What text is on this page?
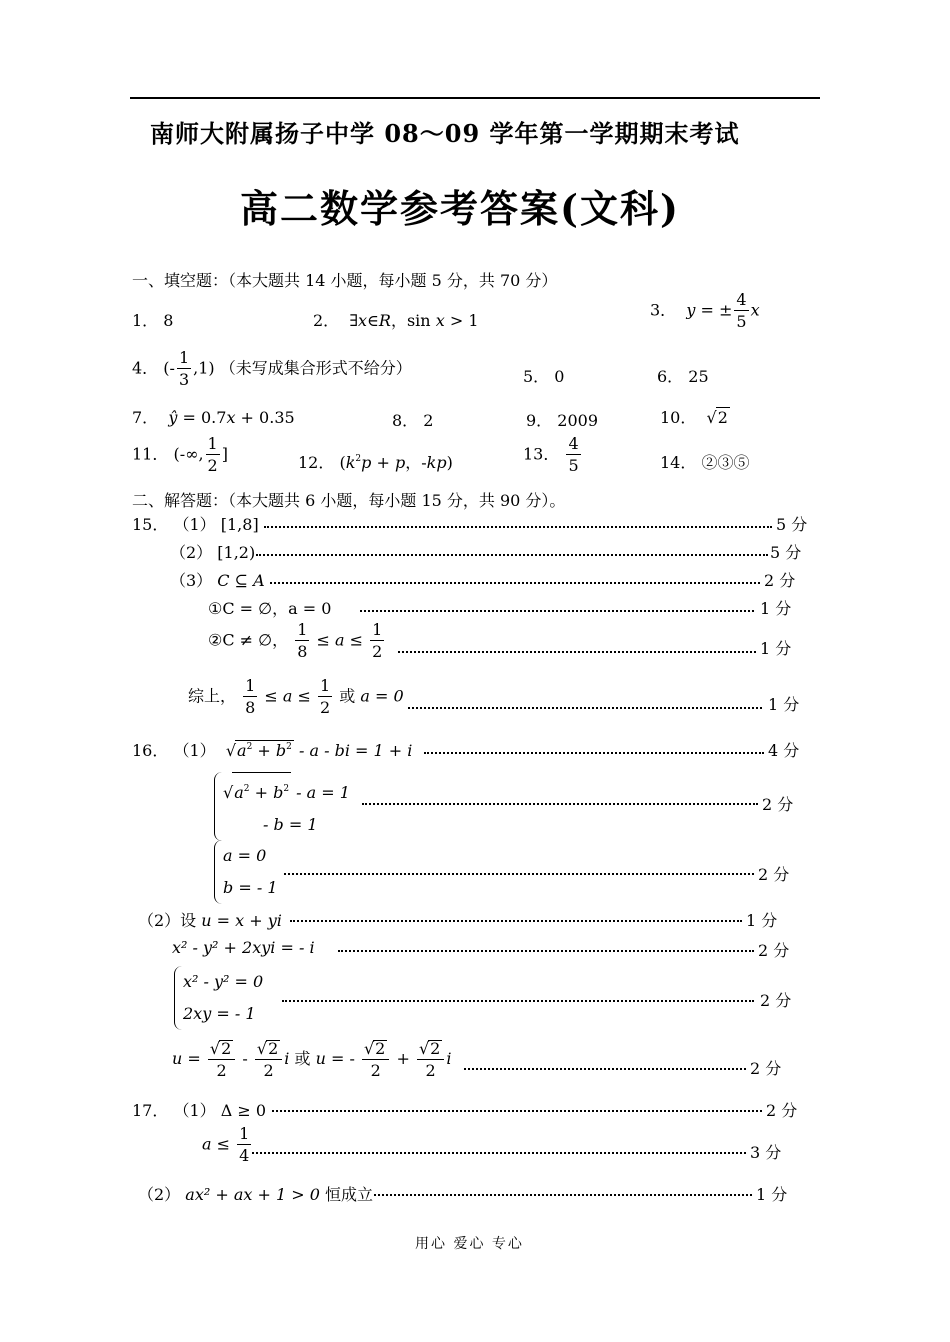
南师大附属扬子中学 08～09 学年第一学期期末考试
高二数学参考答案(文科)
一、填空题：（本大题共 14 小题，每小题 5 分，共 70 分）
1． 8	2．  ∃x∈R，sin x > 1
3．  y = ± $\frac{4}{5}$ x
4． (- $\frac{1}{3} ,1$) （未写成集合形式不给分）	5． 0	6． 25
7．  ŷ = 0.7x + 0.35	8． 2	9． 2009	10．  √2
11． (-∞, $\frac{1}{2}$ ]	12． ($k^2p + p$，-kp)	13． $\frac{4}{5}$	14． ②③⑤
二、解答题：（本大题共 6 小题，每小题 15 分，共 90 分）。
15． （1） [1,8]	5 分
（2） [1,2)	5 分
（3） C ⊆ A	2 分
①C = ∅，a = 0	1 分
②C ≠ ∅， $\frac{1}{8} \le a \le \frac{1}{2}$	1 分
综上， $\frac{1}{8} \le a \le \frac{1}{2}$ 或 a = 0	1 分
16． （1）  $√a^2 + b^2 - a$ - bi = 1 + i	4 分
$√a^2 + b^2 - a = 1$
- b = 1
2 分
a = 0
b = - 1
2 分
（2）设 u = x + yi	1 分
x² - y² + 2xyi = - i	2 分
x² - y² = 0
2xy = - 1
2 分
$u = \frac{√2}{2} - \frac{√2}{2}$ i 或 u = - $\frac{√2}{2} + \frac{√2}{2}$ i
2 分
17． （1） Δ ≥ 0	2 分
$a \le \frac{1}{4}$	3 分
（2） ax² + ax + 1 > 0 恒成立	1 分
用心 爱心 专心
